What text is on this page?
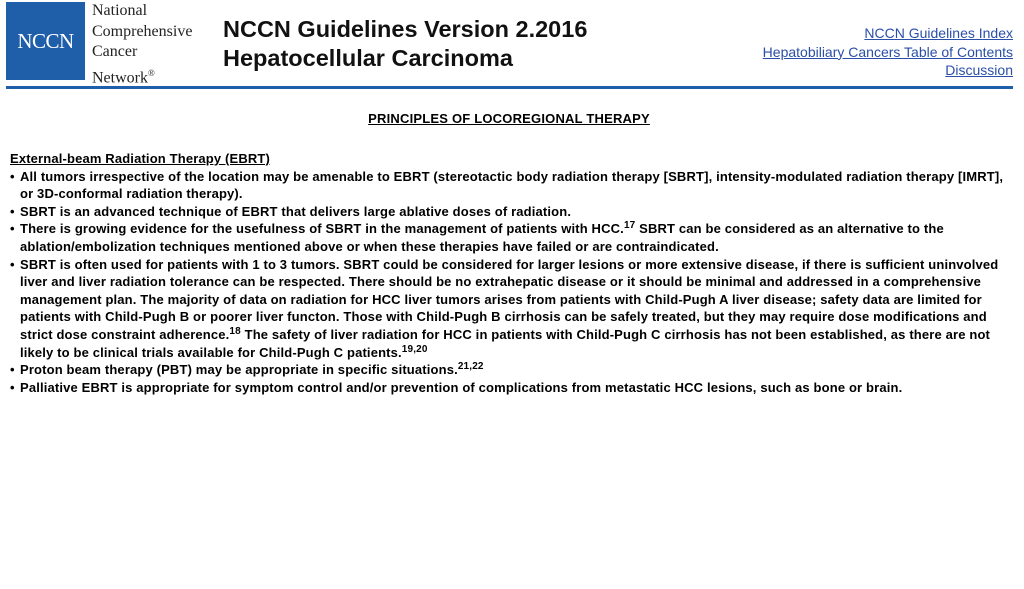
NCCN
National
Comprehensive
Cancer
Network®
NCCN Guidelines Version 2.2016
Hepatocellular Carcinoma
NCCN Guidelines Index
Hepatobiliary Cancers Table of Contents
Discussion
PRINCIPLES OF LOCOREGIONAL THERAPY
External-beam Radiation Therapy (EBRT)
• All tumors irrespective of the location may be amenable to EBRT (stereotactic body radiation therapy [SBRT], intensity-modulated radiation therapy [IMRT], or 3D-conformal radiation therapy).
• SBRT is an advanced technique of EBRT that delivers large ablative doses of radiation.
• There is growing evidence for the usefulness of SBRT in the management of patients with HCC.$^{17}$ SBRT can be considered as an alternative to the ablation/embolization techniques mentioned above or when these therapies have failed or are contraindicated.
• SBRT is often used for patients with 1 to 3 tumors. SBRT could be considered for larger lesions or more extensive disease, if there is sufficient uninvolved liver and liver radiation tolerance can be respected. There should be no extrahepatic disease or it should be minimal and addressed in a comprehensive management plan. The majority of data on radiation for HCC liver tumors arises from patients with Child-Pugh A liver disease; safety data are limited for patients with Child-Pugh B or poorer liver functon. Those with Child-Pugh B cirrhosis can be safely treated, but they may require dose modifications and strict dose constraint adherence.$^{18}$ The safety of liver radiation for HCC in patients with Child-Pugh C cirrhosis has not been established, as there are not likely to be clinical trials available for Child-Pugh C patients.$^{19,20}$
• Proton beam therapy (PBT) may be appropriate in specific situations.$^{21,22}$
• Palliative EBRT is appropriate for symptom control and/or prevention of complications from metastatic HCC lesions, such as bone or brain.
